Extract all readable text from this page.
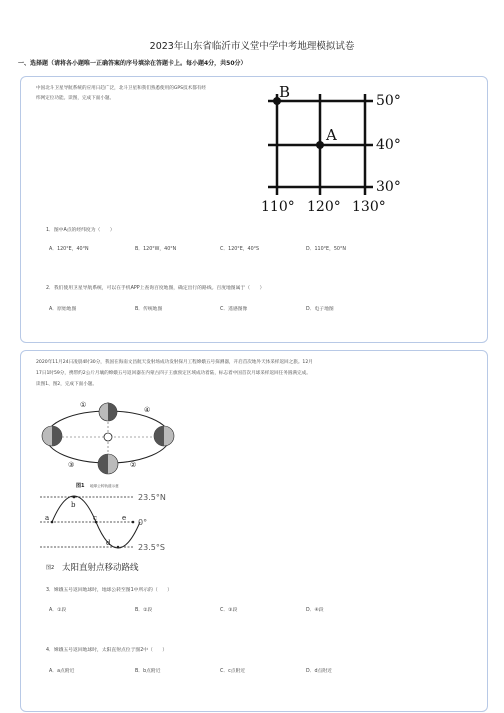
2023年山东省临沂市义堂中学中考地理模拟试卷
一、选择题（请将各小题唯一正确答案的序号填涂在答题卡上。每小题4分，共50分）
中国北斗卫星导航系统的应用日趋广泛，北斗卫星和我们熟悉使用的GPS技术都有经
纬网定位功能。读图，完成下面小题。	B
A
50°
40°
30°
110° 120° 130°
1．图中A点的经纬度为（　　）
A．120°E，40°N	B．120°W，40°N	C．120°E，40°S	D．110°E，50°N
2．我们使用卫星导航系统，可以在手机APP上查询百度地图，确定出行的路线。百度地图属于（　　）
A．原始地图	B．传统地图	C．遥感图像	D．电子地图
2020年11月24日凌晨4时30分，我国在海南文昌航天发射场成功发射探月工程嫦娥五号探测器，开启首次地外天体采样返回之旅。12月
17日1时59分，携带约2公斤月壤的嫦娥五号返回器在内蒙古四子王旗预定区域成功着陆，标志着中国首次月球采样返回任务圆满完成。
读图1、图2，完成下面小题。
①
④
③	②
图1 地球公转轨道示意
a
b
c	e
d
23.5°N
0°
23.5°S
图2 太阳直射点移动路线
3．嫦娥五号返回地球时，地球公转至图1中所示的（　　）
A．①段	B．②段	C．③段	D．④段
4．嫦娥五号返回地球时，太阳直射点位于图2中（　　）
A．a点附近	B．b点附近	C．c点附近	D．d点附近
